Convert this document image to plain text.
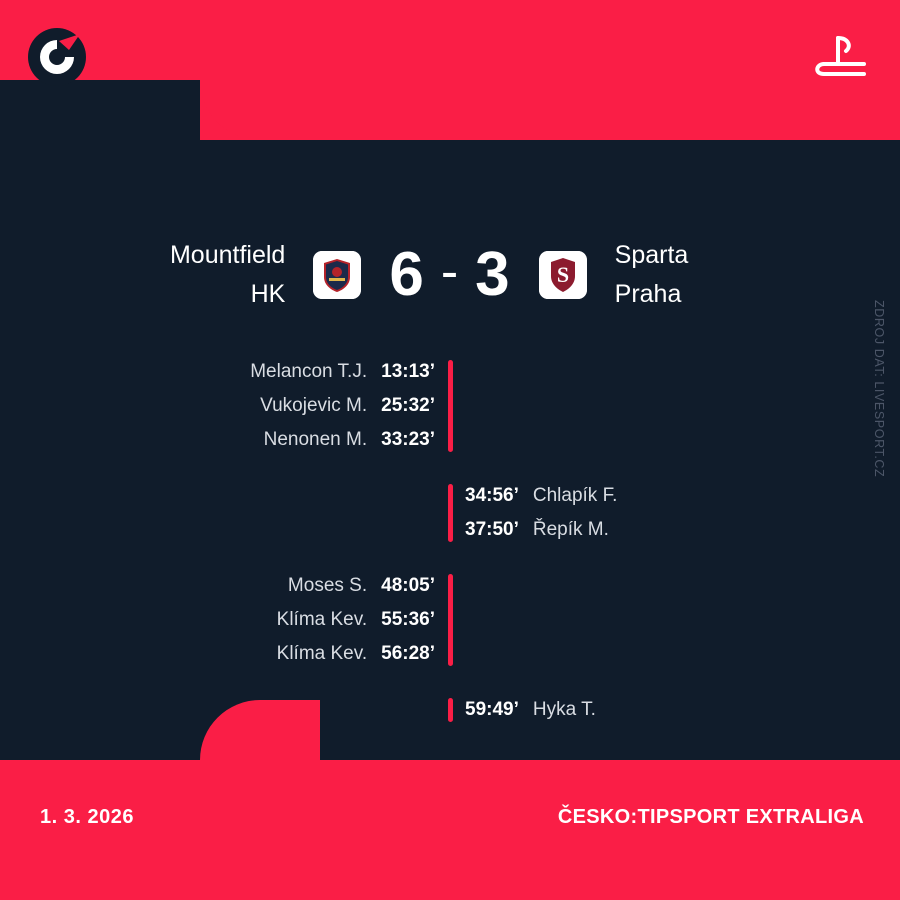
Mountfield
HK 6 - 3 S
Sparta
Praha
Melancon T.J. 13:13’
Vukojevic M. 25:32’
Nenonen M. 33:23’
34:56’ Chlapík F.
37:50’ Řepík M.
Moses S. 48:05’
Klíma Kev. 55:36’
Klíma Kev. 56:28’
59:49’ Hyka T.
ZDROJ DAT: LIVESPORT.CZ
1. 3. 2026	ČESKO:TIPSPORT EXTRALIGA
